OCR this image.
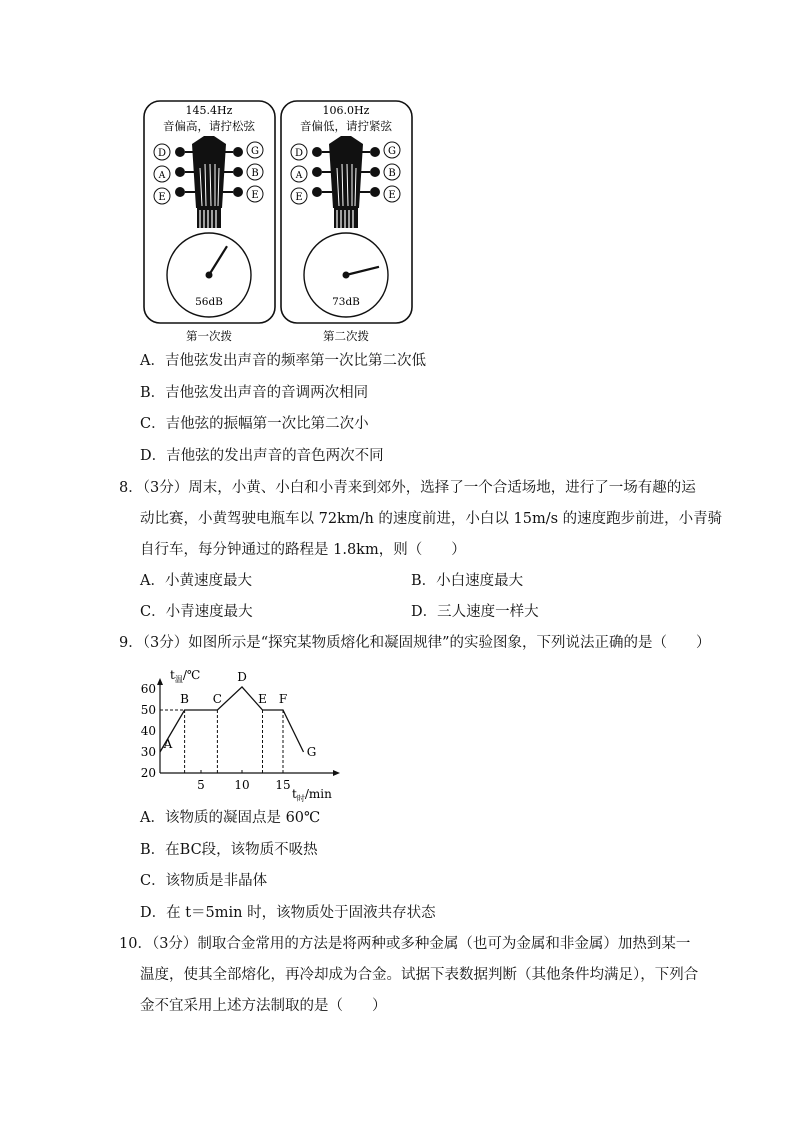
145.4Hz
音偏高，请拧松弦
D
A
E
G
B
E
56dB
第一次拨
106.0Hz
音偏低，请拧紧弦
D
A
E
G
B
E
73dB
第二次拨
A．吉他弦发出声音的频率第一次比第二次低
B．吉他弦发出声音的音调两次相同
C．吉他弦的振幅第一次比第二次小
D．吉他弦的发出声音的音色两次不同
8．（3分）周末，小黄、小白和小青来到郊外，选择了一个合适场地，进行了一场有趣的运
动比赛，小黄驾驶电瓶车以 72km/h 的速度前进，小白以 15m/s 的速度跑步前进，小青骑
自行车，每分钟通过的路程是 1.8km，则（　　）
A．小黄速度最大	B．小白速度最大
C．小青速度最大	D．三人速度一样大
9．（3分）如图所示是“探究某物质熔化和凝固规律”的实验图象，下列说法正确的是（　　）
$t_温/℃$
$t_时/\min$
20
30
40
50
60
5 10 15
A
B C
D
E F
G
A．该物质的凝固点是 60℃
B．在BC段，该物质不吸热
C．该物质是非晶体
D．在 t＝5min 时，该物质处于固液共存状态
10．（3分）制取合金常用的方法是将两种或多种金属（也可为金属和非金属）加热到某一
温度，使其全部熔化，再冷却成为合金。试据下表数据判断（其他条件均满足），下列合
金不宜采用上述方法制取的是（　　）
